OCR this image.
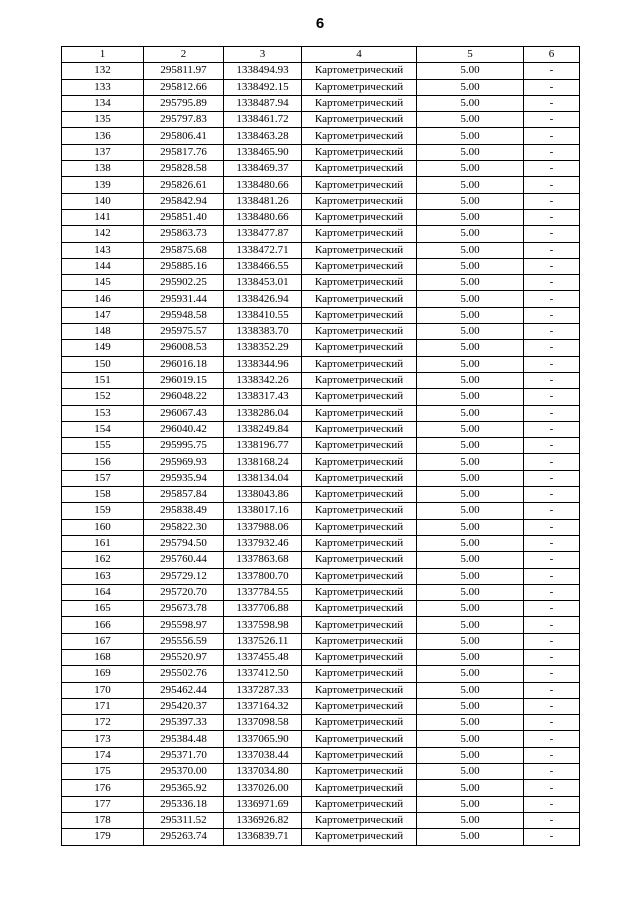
6
1	2	3	4	5	6
132	295811.97	1338494.93	Картометрический	5.00	-
133	295812.66	1338492.15	Картометрический	5.00	-
134	295795.89	1338487.94	Картометрический	5.00	-
135	295797.83	1338461.72	Картометрический	5.00	-
136	295806.41	1338463.28	Картометрический	5.00	-
137	295817.76	1338465.90	Картометрический	5.00	-
138	295828.58	1338469.37	Картометрический	5.00	-
139	295826.61	1338480.66	Картометрический	5.00	-
140	295842.94	1338481.26	Картометрический	5.00	-
141	295851.40	1338480.66	Картометрический	5.00	-
142	295863.73	1338477.87	Картометрический	5.00	-
143	295875.68	1338472.71	Картометрический	5.00	-
144	295885.16	1338466.55	Картометрический	5.00	-
145	295902.25	1338453.01	Картометрический	5.00	-
146	295931.44	1338426.94	Картометрический	5.00	-
147	295948.58	1338410.55	Картометрический	5.00	-
148	295975.57	1338383.70	Картометрический	5.00	-
149	296008.53	1338352.29	Картометрический	5.00	-
150	296016.18	1338344.96	Картометрический	5.00	-
151	296019.15	1338342.26	Картометрический	5.00	-
152	296048.22	1338317.43	Картометрический	5.00	-
153	296067.43	1338286.04	Картометрический	5.00	-
154	296040.42	1338249.84	Картометрический	5.00	-
155	295995.75	1338196.77	Картометрический	5.00	-
156	295969.93	1338168.24	Картометрический	5.00	-
157	295935.94	1338134.04	Картометрический	5.00	-
158	295857.84	1338043.86	Картометрический	5.00	-
159	295838.49	1338017.16	Картометрический	5.00	-
160	295822.30	1337988.06	Картометрический	5.00	-
161	295794.50	1337932.46	Картометрический	5.00	-
162	295760.44	1337863.68	Картометрический	5.00	-
163	295729.12	1337800.70	Картометрический	5.00	-
164	295720.70	1337784.55	Картометрический	5.00	-
165	295673.78	1337706.88	Картометрический	5.00	-
166	295598.97	1337598.98	Картометрический	5.00	-
167	295556.59	1337526.11	Картометрический	5.00	-
168	295520.97	1337455.48	Картометрический	5.00	-
169	295502.76	1337412.50	Картометрический	5.00	-
170	295462.44	1337287.33	Картометрический	5.00	-
171	295420.37	1337164.32	Картометрический	5.00	-
172	295397.33	1337098.58	Картометрический	5.00	-
173	295384.48	1337065.90	Картометрический	5.00	-
174	295371.70	1337038.44	Картометрический	5.00	-
175	295370.00	1337034.80	Картометрический	5.00	-
176	295365.92	1337026.00	Картометрический	5.00	-
177	295336.18	1336971.69	Картометрический	5.00	-
178	295311.52	1336926.82	Картометрический	5.00	-
179	295263.74	1336839.71	Картометрический	5.00	-
